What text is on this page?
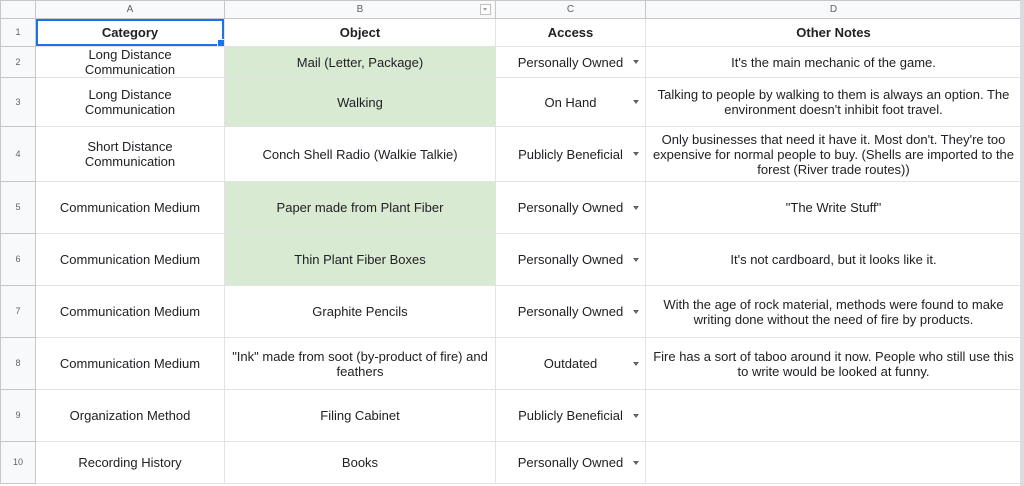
	A	B	C	D
1	Category	Object	Access	Other Notes
2	Long Distance Communication	Mail (Letter, Package)	Personally Owned	It's the main mechanic of the game.
3	Long Distance Communication	Walking	On Hand	Talking to people by walking to them is always an option. The environment doesn't inhibit foot travel.
4	Short Distance Communication	Conch Shell Radio (Walkie Talkie)	Publicly Beneficial	Only businesses that need it have it. Most don't. They're too expensive for normal people to buy. (Shells are imported to the forest (River trade routes))
5	Communication Medium	Paper made from Plant Fiber	Personally Owned	"The Write Stuff"
6	Communication Medium	Thin Plant Fiber Boxes	Personally Owned	It's not cardboard, but it looks like it.
7	Communication Medium	Graphite Pencils	Personally Owned	With the age of rock material, methods were found to make writing done without the need of fire by products.
8	Communication Medium	"Ink" made from soot (by-product of fire) and feathers	Outdated	Fire has a sort of taboo around it now. People who still use this to write would be looked at funny.
9	Organization Method	Filing Cabinet	Publicly Beneficial

10	Recording History	Books	Personally Owned
